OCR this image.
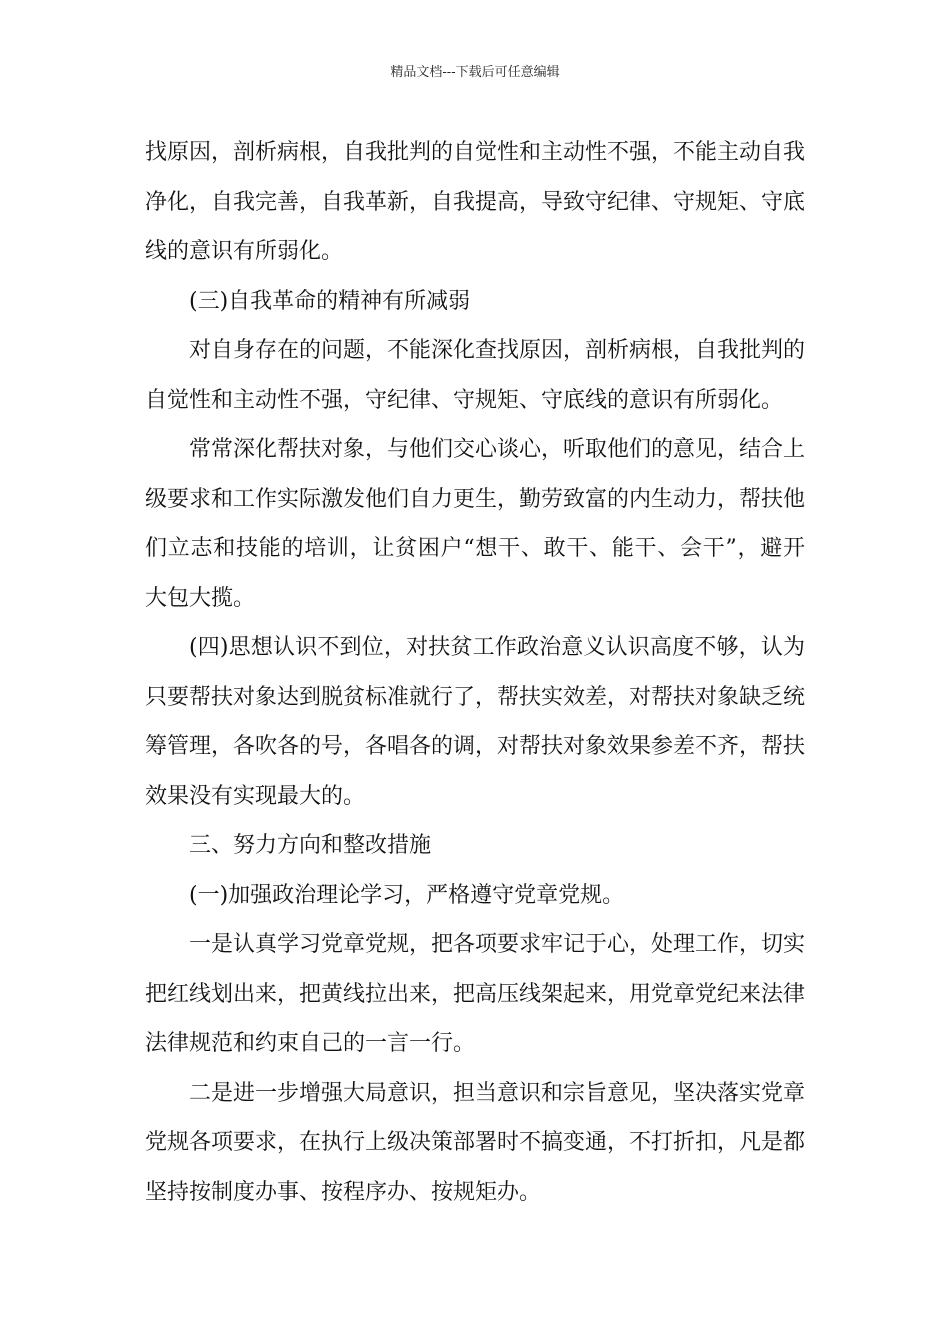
精品文档---下载后可任意编辑

找原因，剖析病根，自我批判的自觉性和主动性不强，不能主动自我净化，自我完善，自我革新，自我提高，导致守纪律、守规矩、守底线的意识有所弱化。

(三)自我革命的精神有所减弱

对自身存在的问题，不能深化查找原因，剖析病根，自我批判的自觉性和主动性不强，守纪律、守规矩、守底线的意识有所弱化。

常常深化帮扶对象，与他们交心谈心，听取他们的意见，结合上级要求和工作实际激发他们自力更生，勤劳致富的内生动力，帮扶他们立志和技能的培训，让贫困户“想干、敢干、能干、会干”，避开大包大揽。

(四)思想认识不到位，对扶贫工作政治意义认识高度不够，认为只要帮扶对象达到脱贫标准就行了，帮扶实效差，对帮扶对象缺乏统筹管理，各吹各的号，各唱各的调，对帮扶对象效果参差不齐，帮扶效果没有实现最大的。

三、努力方向和整改措施

(一)加强政治理论学习，严格遵守党章党规。

一是认真学习党章党规，把各项要求牢记于心，处理工作，切实把红线划出来，把黄线拉出来，把高压线架起来，用党章党纪来法律法律规范和约束自己的一言一行。

二是进一步增强大局意识，担当意识和宗旨意见，坚决落实党章党规各项要求，在执行上级决策部署时不搞变通，不打折扣，凡是都坚持按制度办事、按程序办、按规矩办。
